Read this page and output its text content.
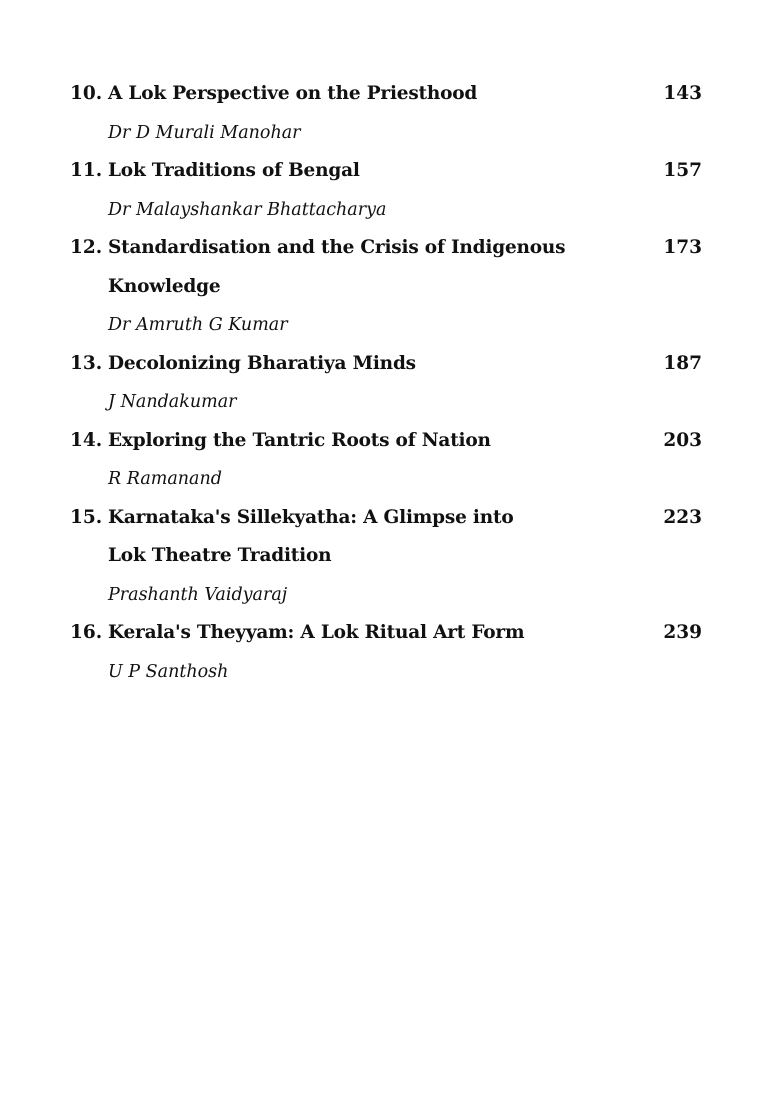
10. A Lok Perspective on the Priesthood	143
Dr D Murali Manohar
11. Lok Traditions of Bengal	157
Dr Malayshankar Bhattacharya
12. Standardisation and the Crisis of Indigenous	173
Knowledge
Dr Amruth G Kumar
13. Decolonizing Bharatiya Minds	187
J Nandakumar
14. Exploring the Tantric Roots of Nation	203
R Ramanand
15. Karnataka's Sillekyatha: A Glimpse into	223
Lok Theatre Tradition
Prashanth Vaidyaraj
16. Kerala's Theyyam: A Lok Ritual Art Form	239
U P Santhosh
